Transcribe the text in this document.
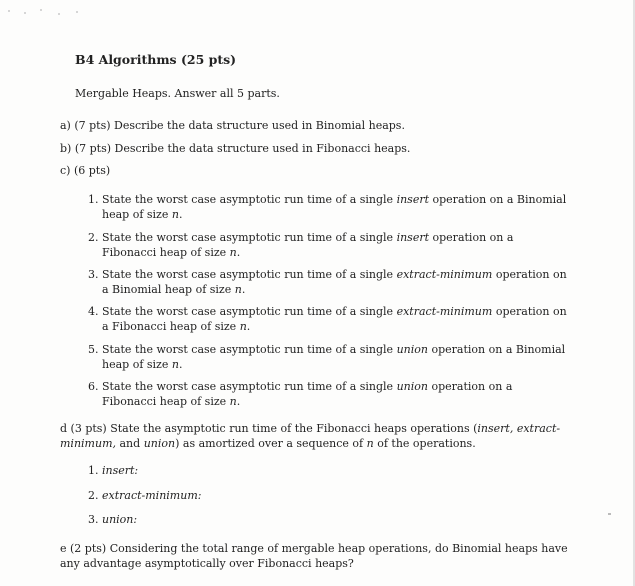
B4 Algorithms (25 pts)
Mergable Heaps. Answer all 5 parts.
a) (7 pts) Describe the data structure used in Binomial heaps.
b) (7 pts) Describe the data structure used in Fibonacci heaps.
c) (6 pts)
1. State the worst case asymptotic run time of a single insert operation on a Binomial heap of size n.
2. State the worst case asymptotic run time of a single insert operation on a Fibonacci heap of size n.
3. State the worst case asymptotic run time of a single extract-minimum operation on a Binomial heap of size n.
4. State the worst case asymptotic run time of a single extract-minimum operation on a Fibonacci heap of size n.
5. State the worst case asymptotic run time of a single union operation on a Binomial heap of size n.
6. State the worst case asymptotic run time of a single union operation on a Fibonacci heap of size n.
d (3 pts) State the asymptotic run time of the Fibonacci heaps operations (insert, extract-minimum, and union) as amortized over a sequence of n of the operations.
1. insert:
2. extract-minimum:
3. union:
e (2 pts) Considering the total range of mergable heap operations, do Binomial heaps have any advantage asymptotically over Fibonacci heaps?
